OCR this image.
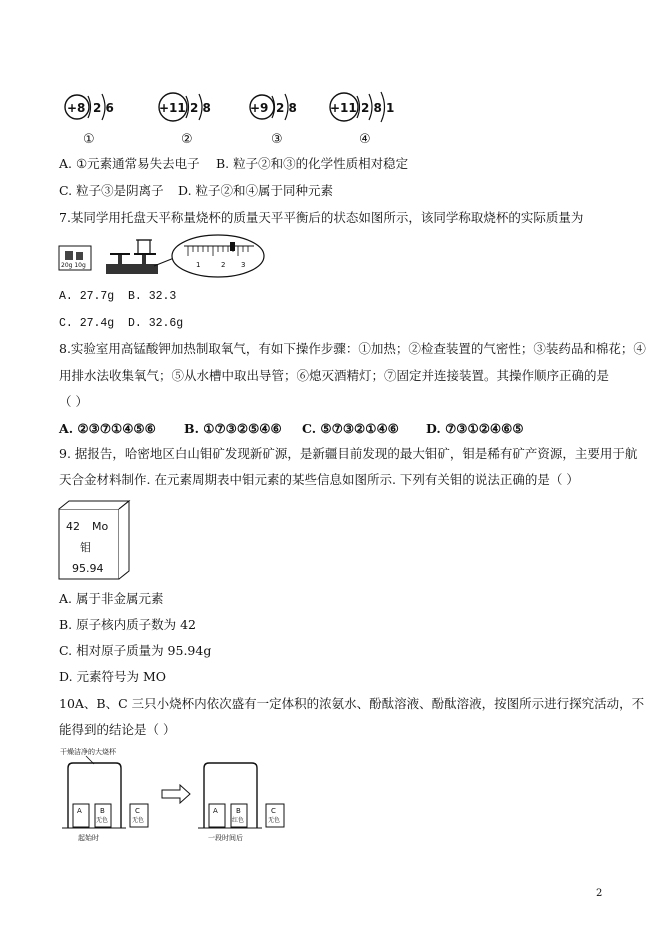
+8 2 6
①
+11 2 8
②
+9 2 8
③
+11 2 8 1
④
A. ①元素通常易失去电子 B. 粒子②和③的化学性质相对稳定
C. 粒子③是阴离子 D. 粒子②和④属于同种元素
7.某同学用托盘天平称量烧杯的质量天平平衡后的状态如图所示，该同学称取烧杯的实际质量为
20g 10g	1	2 3
A. 27.7g B. 32.3
C. 27.4g D. 32.6g
8.实验室用高锰酸钾加热制取氧气，有如下操作步骤：①加热；②检查装置的气密性；③装药品和棉花；④
用排水法收集氧气；⑤从水槽中取出导管；⑥熄灭酒精灯；⑦固定并连接装置。其操作顺序正确的是
（ ）
A. ②③⑦①④⑤⑥ B. ①⑦③②⑤④⑥ C. ⑤⑦③②①④⑥ D. ⑦③①②④⑥⑤
9. 据报告，哈密地区白山钼矿发现新矿源，是新疆目前发现的最大钼矿，钼是稀有矿产资源，主要用于航
天合金材料制作. 在元素周期表中钼元素的某些信息如图所示. 下列有关钼的说法正确的是（ ）
42 Mo
钼
95.94
A. 属于非金属元素
B. 原子核内质子数为 42
C. 相对原子质量为 95.94g
D. 元素符号为 MO
10A、B、C 三只小烧杯内依次盛有一定体积的浓氨水、酚酞溶液、酚酞溶液，按图所示进行探究活动，不
能得到的结论是（ ）
干燥洁净的大烧杯
A	B
无色
C
无色
起始时
A	B
红色
C
无色
一段时间后
2
